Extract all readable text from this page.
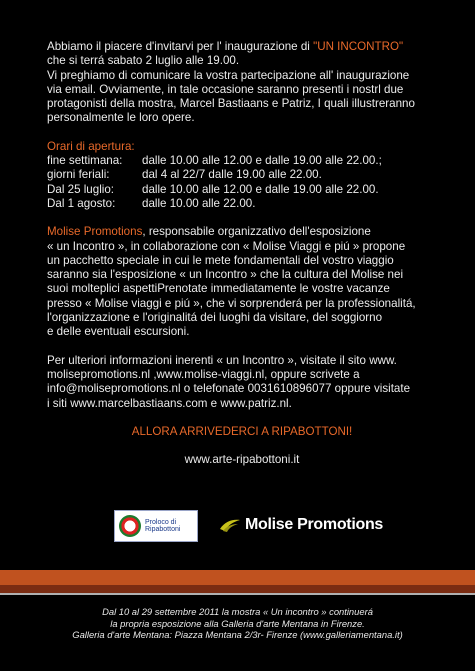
Abbiamo il piacere d'invitarvi per l' inaugurazione di "UN INCONTRO"

che si terrá sabato 2 luglio alle 19.00.

Vi preghiamo di comunicare la vostra partecipazione all' inaugurazione

via email. Ovviamente, in tale occasione saranno presenti i nostrl due

protagonisti della mostra, Marcel Bastiaans e Patriz, I quali illustreranno

personalmente le loro opere.

Orari di apertura:

fine settimana:	dalle 10.00 alle 12.00 e dalle 19.00 alle 22.00.;
giorni feriali:	dal 4 al 22/7 dalle 19.00 alle 22.00.
Dal 25 luglio:	dalle 10.00 alle 12.00 e dalle 19.00 alle 22.00.
Dal 1 agosto:	dalle 10.00 alle 22.00.

Molise Promotions, responsabile organizzativo dell'esposizione

« un Incontro », in collaborazione con « Molise Viaggi e piú » propone

un pacchetto speciale in cui le mete fondamentali del vostro viaggio

saranno sia l'esposizione « un Incontro » che la cultura del Molise nei

suoi molteplici aspettiPrenotate immediatamente le vostre vacanze

presso « Molise viaggi e piú », che vi sorprenderá per la professionalitá,

l'organizzazione e l'originalitá dei luoghi da visitare, del soggiorno

e delle eventuali escursioni.

Per ulteriori informazioni inerenti « un Incontro », visitate il sito www.

molisepromotions.nl ,www.molise-viaggi.nl, oppure scrivete a

info@molisepromotions.nl o telefonate 0031610896077 oppure visitate

i siti www.marcelbastiaans.com e www.patriz.nl.

ALLORA ARRIVEDERCI A RIPABOTTONI!

www.arte-ripabottoni.it

Proloco di Ripabottoni	Molise Promotions

Dal 10 al 29 settembre 2011 la mostra « Un incontro » continuerá

la propria esposizione alla Galleria d'arte Mentana in Firenze.

Galleria d'arte Mentana: Piazza Mentana 2/3r- Firenze (www.galleriamentana.it)
